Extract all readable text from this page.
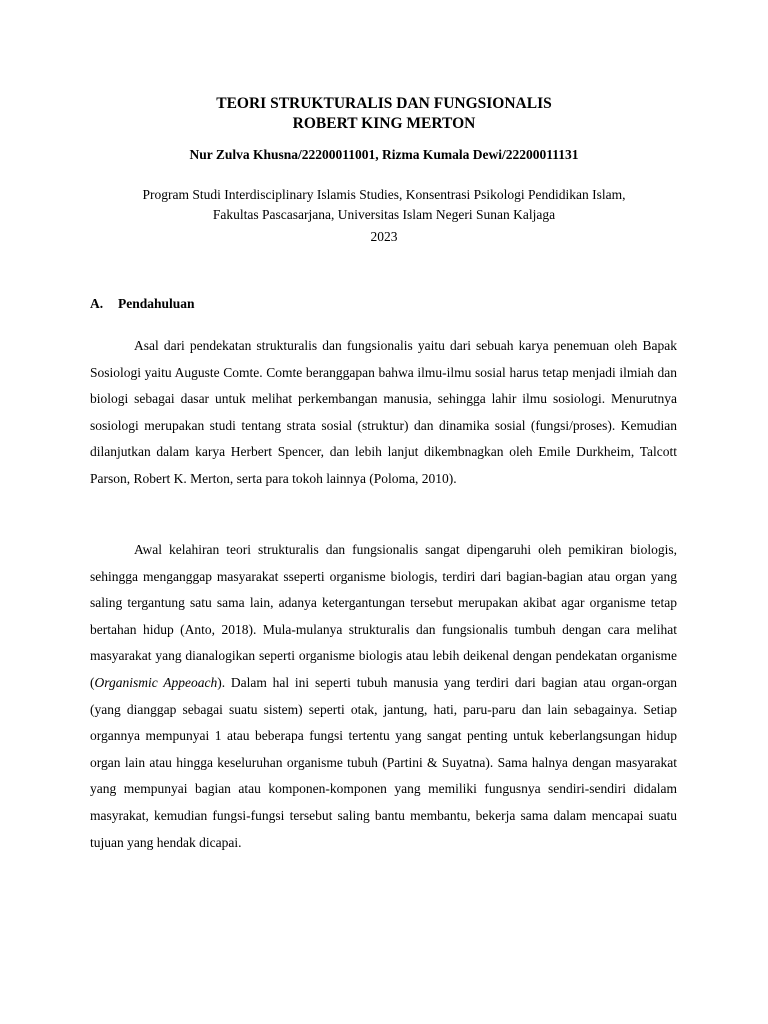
TEORI STRUKTURALIS DAN FUNGSIONALIS
ROBERT KING MERTON

Nur Zulva Khusna/22200011001, Rizma Kumala Dewi/22200011131

Program Studi Interdisciplinary Islamis Studies, Konsentrasi Psikologi Pendidikan Islam,

Fakultas Pascasarjana, Universitas Islam Negeri Sunan Kaljaga

2023

A. Pendahuluan

Asal dari pendekatan strukturalis dan fungsionalis yaitu dari sebuah karya penemuan oleh Bapak Sosiologi yaitu Auguste Comte. Comte beranggapan bahwa ilmu-ilmu sosial harus tetap menjadi ilmiah dan biologi sebagai dasar untuk melihat perkembangan manusia, sehingga lahir ilmu sosiologi. Menurutnya sosiologi merupakan studi tentang strata sosial (struktur) dan dinamika sosial (fungsi/proses). Kemudian dilanjutkan dalam karya Herbert Spencer, dan lebih lanjut dikembnagkan oleh Emile Durkheim, Talcott Parson, Robert K. Merton, serta para tokoh lainnya (Poloma, 2010).

Awal kelahiran teori strukturalis dan fungsionalis sangat dipengaruhi oleh pemikiran biologis, sehingga menganggap masyarakat sseperti organisme biologis, terdiri dari bagian-bagian atau organ yang saling tergantung satu sama lain, adanya ketergantungan tersebut merupakan akibat agar organisme tetap bertahan hidup (Anto, 2018). Mula-mulanya strukturalis dan fungsionalis tumbuh dengan cara melihat masyarakat yang dianalogikan seperti organisme biologis atau lebih deikenal dengan pendekatan organisme (Organismic Appeoach). Dalam hal ini seperti tubuh manusia yang terdiri dari bagian atau organ-organ (yang dianggap sebagai suatu sistem) seperti otak, jantung, hati, paru-paru dan lain sebagainya. Setiap organnya mempunyai 1 atau beberapa fungsi tertentu yang sangat penting untuk keberlangsungan hidup organ lain atau hingga keseluruhan organisme tubuh (Partini & Suyatna). Sama halnya dengan masyarakat yang mempunyai bagian atau komponen-komponen yang memiliki fungusnya sendiri-sendiri didalam masyrakat, kemudian fungsi-fungsi tersebut saling bantu membantu, bekerja sama dalam mencapai suatu tujuan yang hendak dicapai.
